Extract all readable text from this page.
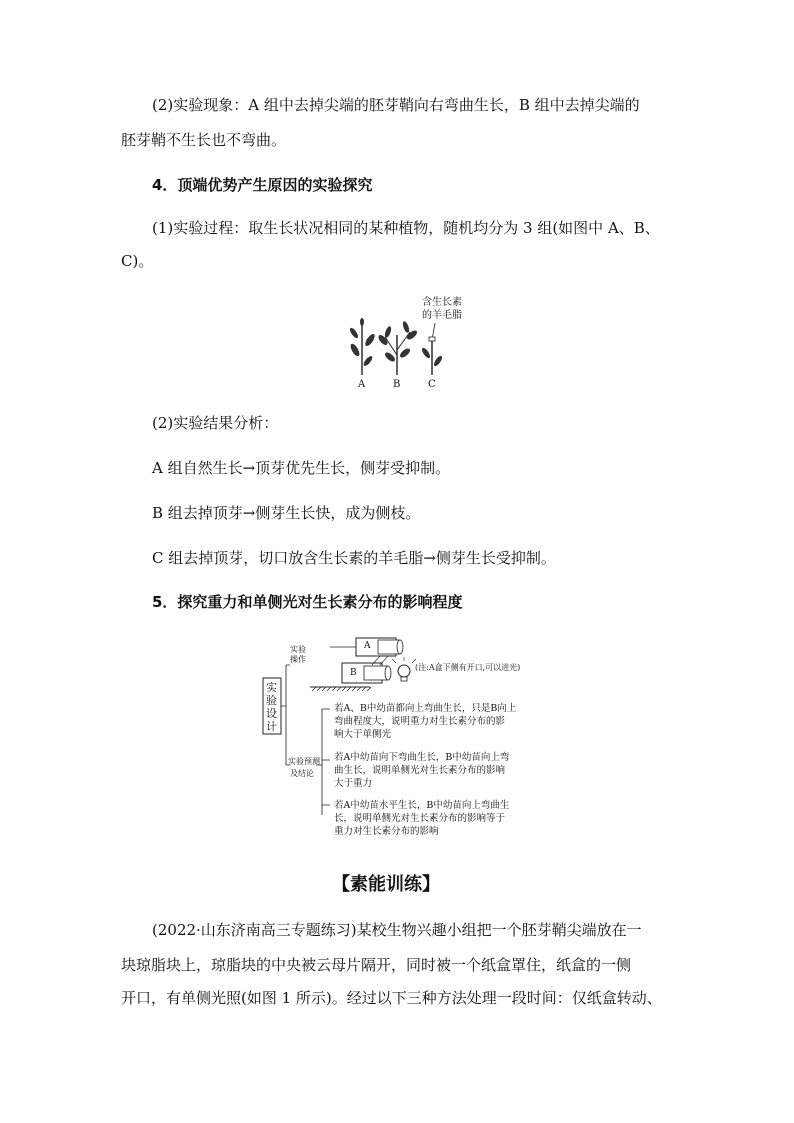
(2)实验现象：A 组中去掉尖端的胚芽鞘向右弯曲生长，B 组中去掉尖端的
胚芽鞘不生长也不弯曲。
4．顶端优势产生原因的实验探究
(1)实验过程：取生长状况相同的某种植物，随机均分为 3 组(如图中 A、B、
C)。
含生长素
的羊毛脂
A	B	C
(2)实验结果分析：
A 组自然生长→顶芽优先生长，侧芽受抑制。
B 组去掉顶芽→侧芽生长快，成为侧枝。
C 组去掉顶芽，切口放含生长素的羊毛脂→侧芽生长受抑制。
5．探究重力和单侧光对生长素分布的影响程度
实验设计
实验
操作
A
B
(注:A盒下侧有开口,可以进光)
实验预测
及结论
若A、B中幼苗都向上弯曲生长，只是B向上
弯曲程度大，说明重力对生长素分布的影
响大于单侧光
若A中幼苗向下弯曲生长，B中幼苗向上弯
曲生长，说明单侧光对生长素分布的影响
大于重力
若A中幼苗水平生长，B中幼苗向上弯曲生
长，说明单侧光对生长素分布的影响等于
重力对生长素分布的影响
【素能训练】
(2022·山东济南高三专题练习)某校生物兴趣小组把一个胚芽鞘尖端放在一
块琼脂块上，琼脂块的中央被云母片隔开，同时被一个纸盒罩住，纸盒的一侧
开口，有单侧光照(如图 1 所示)。经过以下三种方法处理一段时间：仅纸盒转动、
